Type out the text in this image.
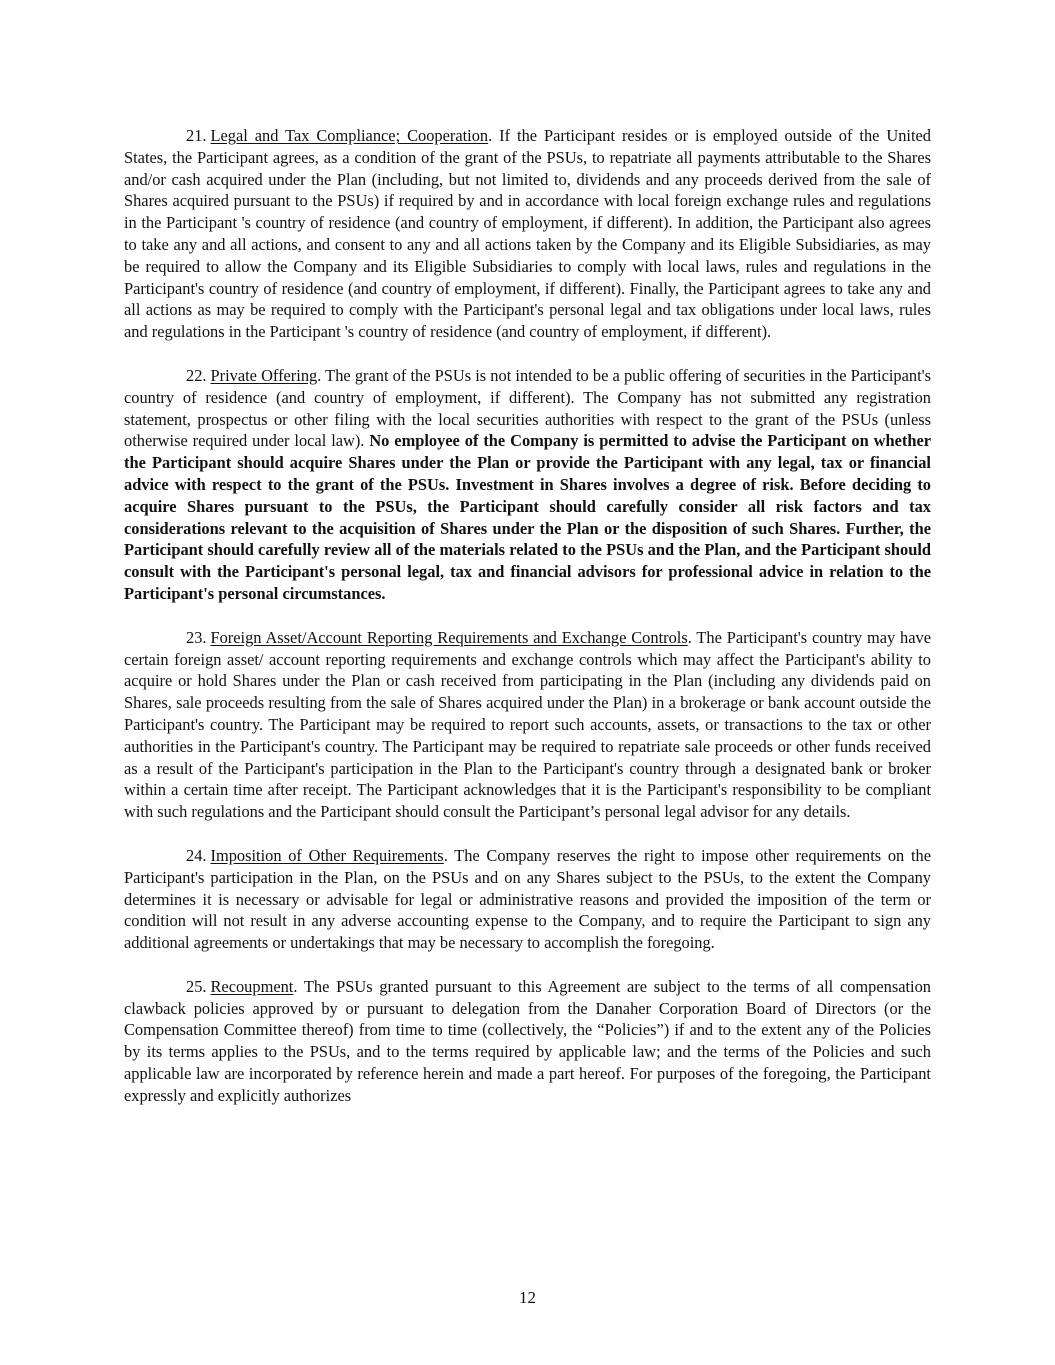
21. Legal and Tax Compliance; Cooperation. If the Participant resides or is employed outside of the United States, the Participant agrees, as a condition of the grant of the PSUs, to repatriate all payments attributable to the Shares and/or cash acquired under the Plan (including, but not limited to, dividends and any proceeds derived from the sale of Shares acquired pursuant to the PSUs) if required by and in accordance with local foreign exchange rules and regulations in the Participant 's country of residence (and country of employment, if different). In addition, the Participant also agrees to take any and all actions, and consent to any and all actions taken by the Company and its Eligible Subsidiaries, as may be required to allow the Company and its Eligible Subsidiaries to comply with local laws, rules and regulations in the Participant's country of residence (and country of employment, if different). Finally, the Participant agrees to take any and all actions as may be required to comply with the Participant's personal legal and tax obligations under local laws, rules and regulations in the Participant 's country of residence (and country of employment, if different).

22. Private Offering. The grant of the PSUs is not intended to be a public offering of securities in the Participant's country of residence (and country of employment, if different). The Company has not submitted any registration statement, prospectus or other filing with the local securities authorities with respect to the grant of the PSUs (unless otherwise required under local law). No employee of the Company is permitted to advise the Participant on whether the Participant should acquire Shares under the Plan or provide the Participant with any legal, tax or financial advice with respect to the grant of the PSUs. Investment in Shares involves a degree of risk. Before deciding to acquire Shares pursuant to the PSUs, the Participant should carefully consider all risk factors and tax considerations relevant to the acquisition of Shares under the Plan or the disposition of such Shares. Further, the Participant should carefully review all of the materials related to the PSUs and the Plan, and the Participant should consult with the Participant's personal legal, tax and financial advisors for professional advice in relation to the Participant's personal circumstances.

23. Foreign Asset/Account Reporting Requirements and Exchange Controls. The Participant's country may have certain foreign asset/ account reporting requirements and exchange controls which may affect the Participant's ability to acquire or hold Shares under the Plan or cash received from participating in the Plan (including any dividends paid on Shares, sale proceeds resulting from the sale of Shares acquired under the Plan) in a brokerage or bank account outside the Participant's country. The Participant may be required to report such accounts, assets, or transactions to the tax or other authorities in the Participant's country. The Participant may be required to repatriate sale proceeds or other funds received as a result of the Participant's participation in the Plan to the Participant's country through a designated bank or broker within a certain time after receipt. The Participant acknowledges that it is the Participant's responsibility to be compliant with such regulations and the Participant should consult the Participant’s personal legal advisor for any details.

24. Imposition of Other Requirements. The Company reserves the right to impose other requirements on the Participant's participation in the Plan, on the PSUs and on any Shares subject to the PSUs, to the extent the Company determines it is necessary or advisable for legal or administrative reasons and provided the imposition of the term or condition will not result in any adverse accounting expense to the Company, and to require the Participant to sign any additional agreements or undertakings that may be necessary to accomplish the foregoing.

25. Recoupment. The PSUs granted pursuant to this Agreement are subject to the terms of all compensation clawback policies approved by or pursuant to delegation from the Danaher Corporation Board of Directors (or the Compensation Committee thereof) from time to time (collectively, the “Policies”) if and to the extent any of the Policies by its terms applies to the PSUs, and to the terms required by applicable law; and the terms of the Policies and such applicable law are incorporated by reference herein and made a part hereof. For purposes of the foregoing, the Participant expressly and explicitly authorizes

12
